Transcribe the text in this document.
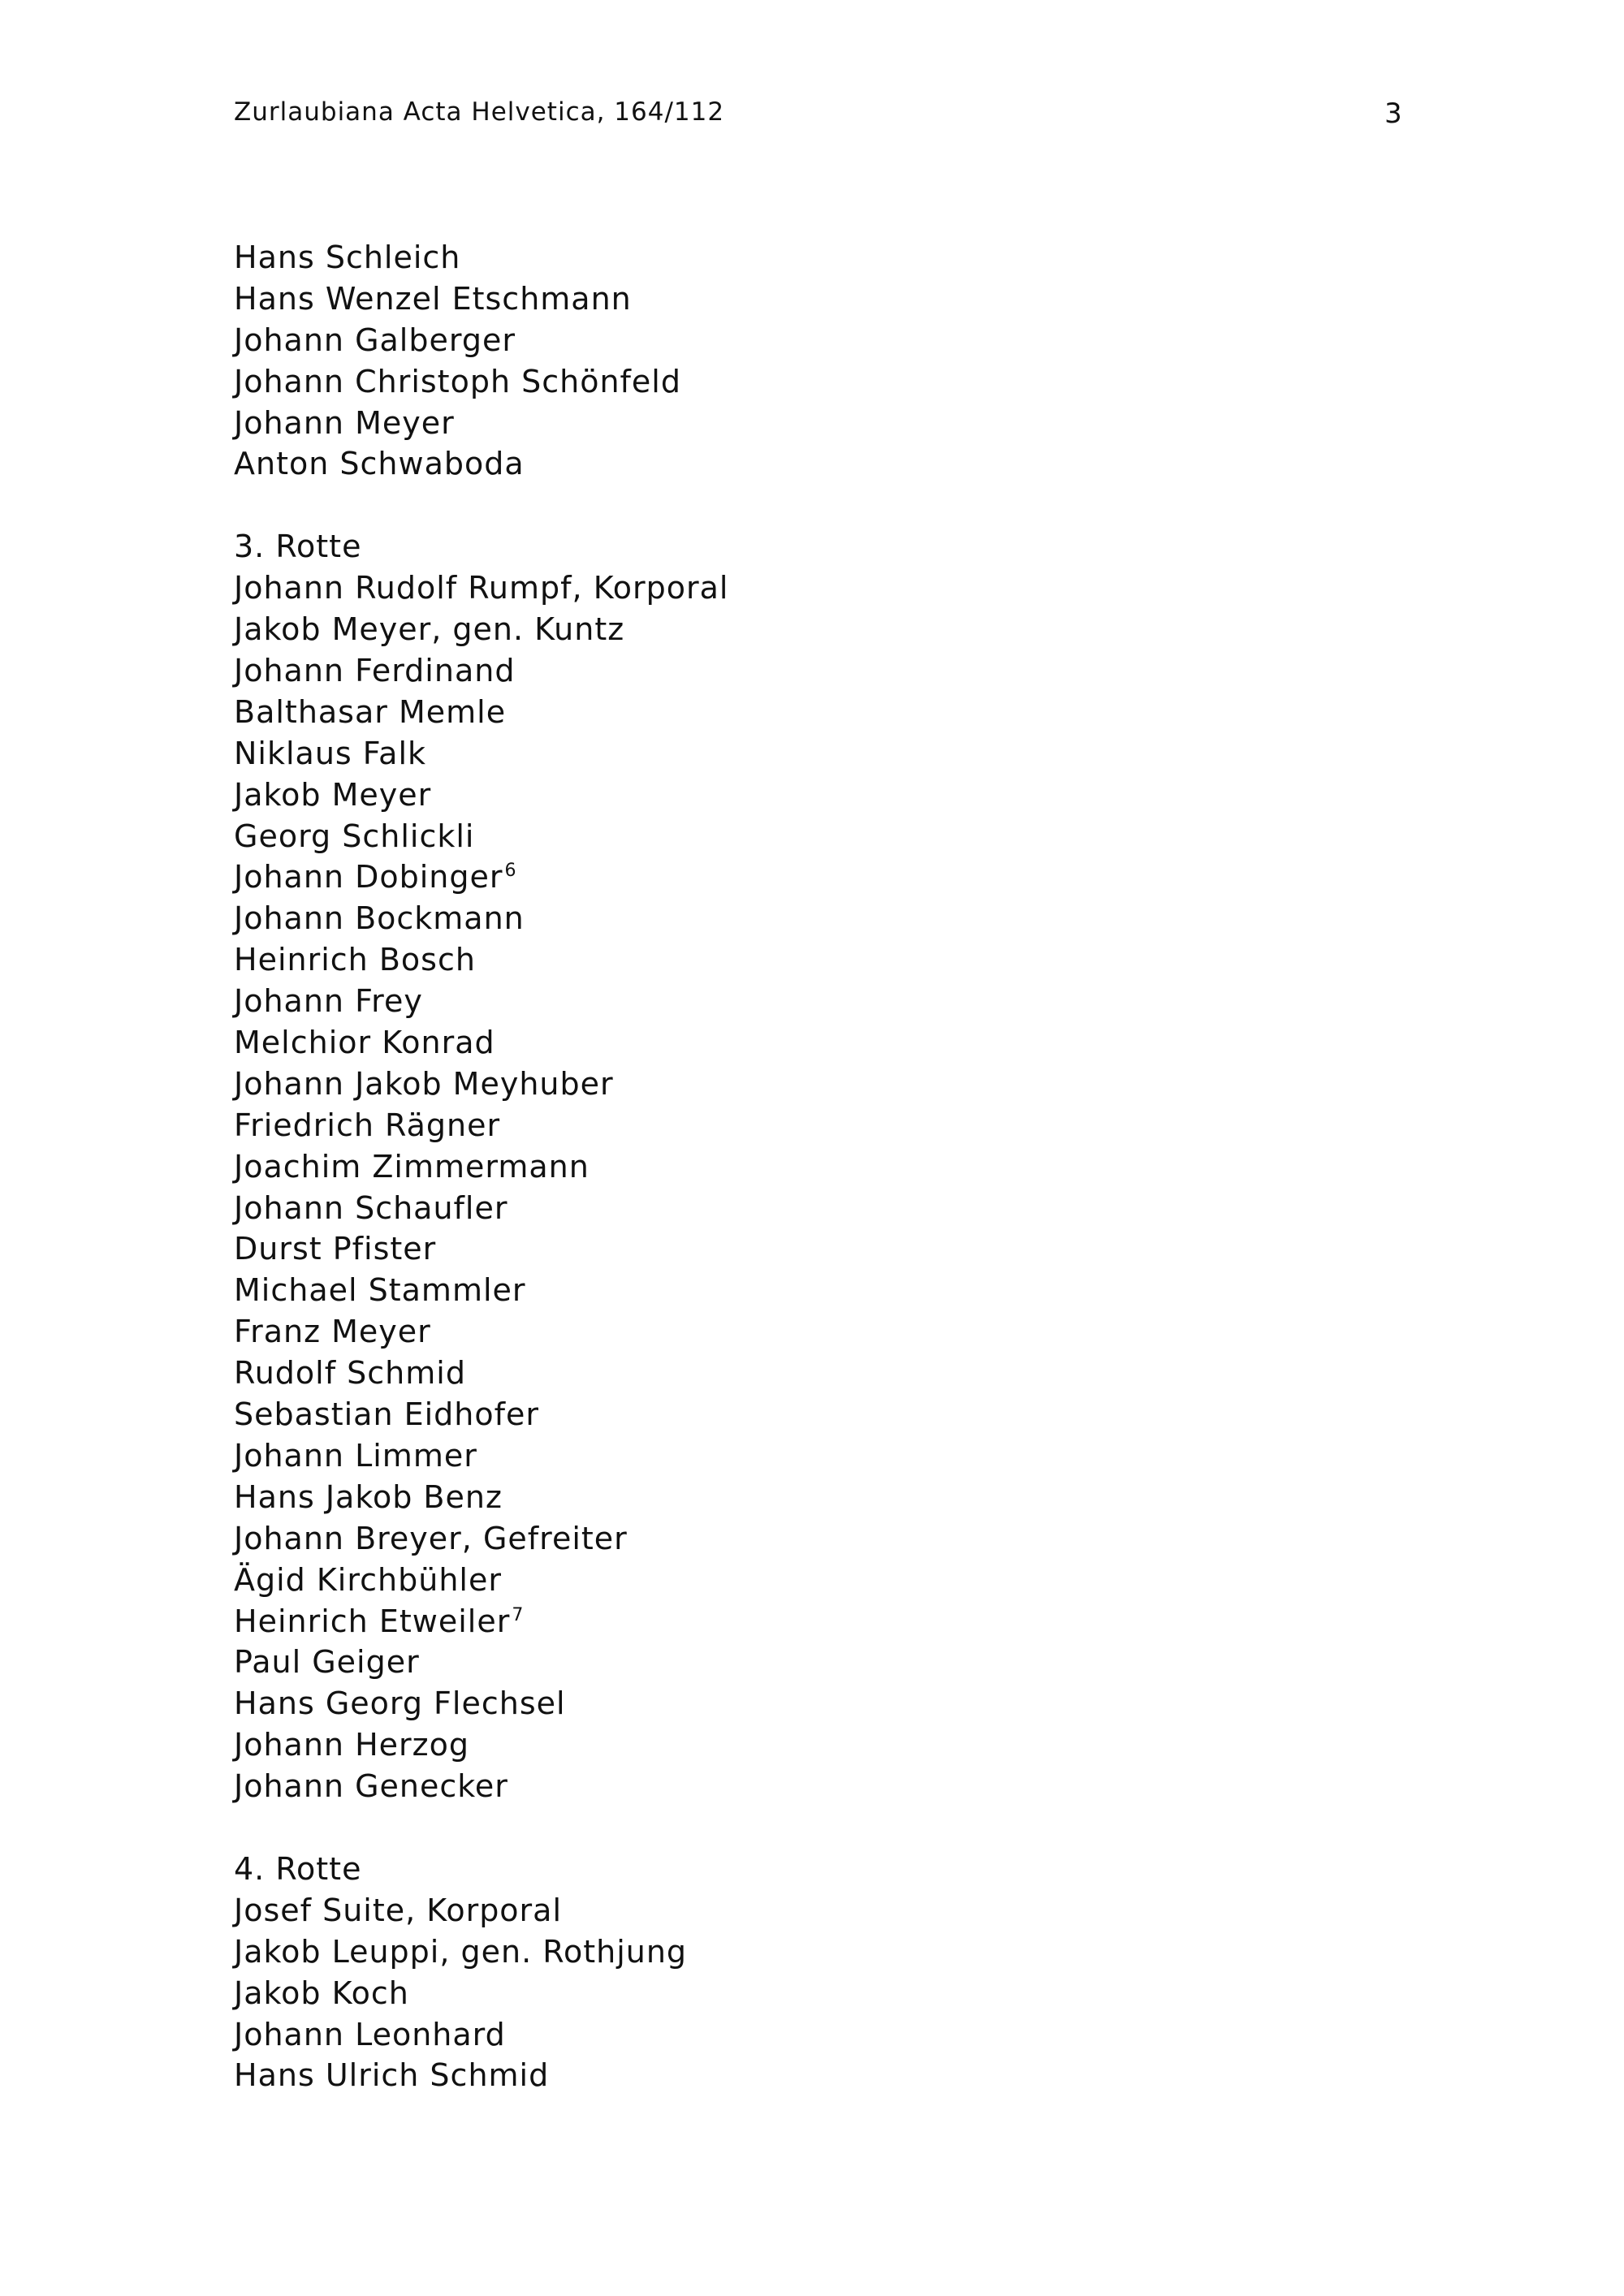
Zurlaubiana Acta Helvetica, 164/112	3
Hans Schleich
Hans Wenzel Etschmann
Johann Galberger
Johann Christoph Schönfeld
Johann Meyer
Anton Schwaboda
3. Rotte
Johann Rudolf Rumpf, Korporal
Jakob Meyer, gen. Kuntz
Johann Ferdinand
Balthasar Memle
Niklaus Falk
Jakob Meyer
Georg Schlickli
Johann Dobinger$^6$
Johann Bockmann
Heinrich Bosch
Johann Frey
Melchior Konrad
Johann Jakob Meyhuber
Friedrich Rägner
Joachim Zimmermann
Johann Schaufler
Durst Pfister
Michael Stammler
Franz Meyer
Rudolf Schmid
Sebastian Eidhofer
Johann Limmer
Hans Jakob Benz
Johann Breyer, Gefreiter
Ägid Kirchbühler
Heinrich Etweiler$^7$
Paul Geiger
Hans Georg Flechsel
Johann Herzog
Johann Genecker
4. Rotte
Josef Suite, Korporal
Jakob Leuppi, gen. Rothjung
Jakob Koch
Johann Leonhard
Hans Ulrich Schmid
